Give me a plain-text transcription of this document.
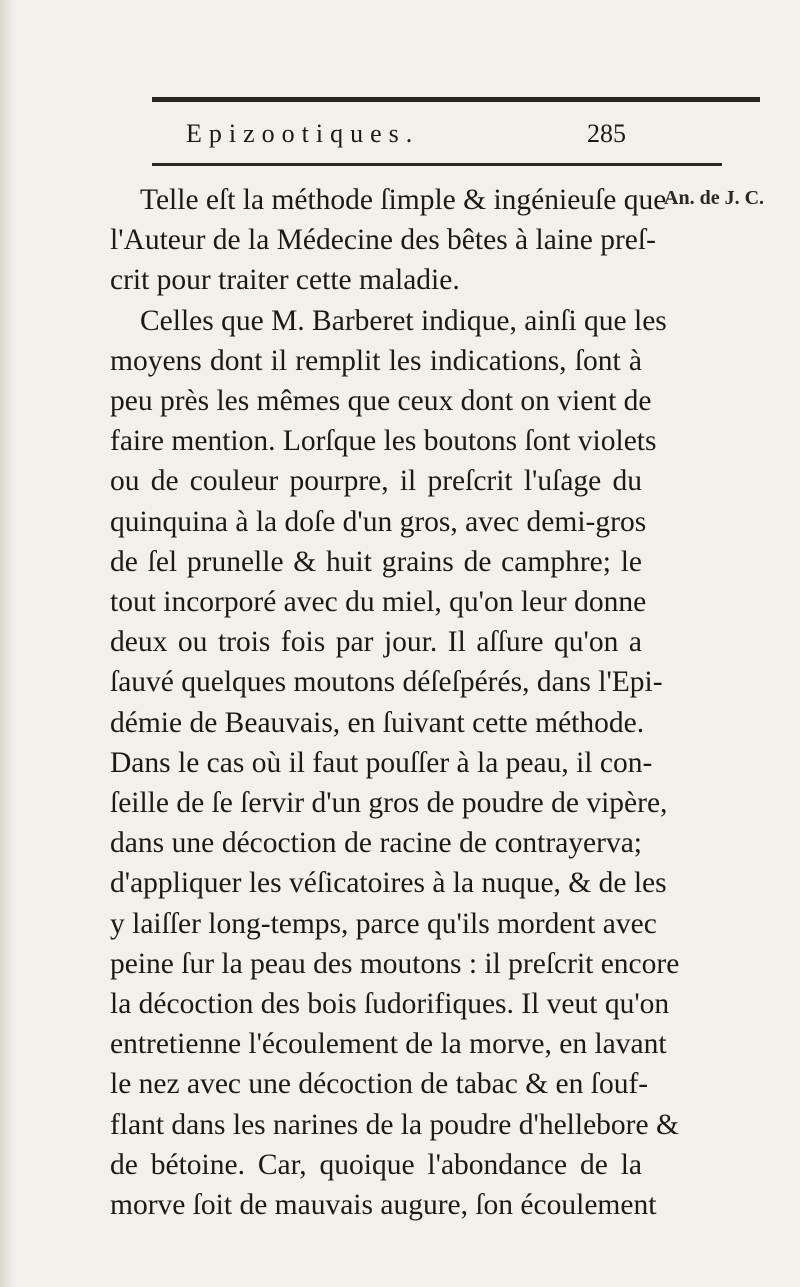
Epizootiques.	285
An. de J. C.
Telle eſt la méthode ſimple & ingénieuſe que
l'Auteur de la Médecine des bêtes à laine preſ-
crit pour traiter cette maladie.
Celles que M. Barberet indique, ainſi que les
moyens dont il remplit les indications, ſont à
peu près les mêmes que ceux dont on vient de
faire mention. Lorſque les boutons ſont violets
ou de couleur pourpre, il preſcrit l'uſage du
quinquina à la doſe d'un gros, avec demi-gros
de ſel prunelle & huit grains de camphre; le
tout incorporé avec du miel, qu'on leur donne
deux ou trois fois par jour. Il aſſure qu'on a
ſauvé quelques moutons déſeſpérés, dans l'Epi-
démie de Beauvais, en ſuivant cette méthode.
Dans le cas où il faut pouſſer à la peau, il con-
ſeille de ſe ſervir d'un gros de poudre de vipère,
dans une décoction de racine de contrayerva;
d'appliquer les véſicatoires à la nuque, & de les
y laiſſer long-temps, parce qu'ils mordent avec
peine ſur la peau des moutons : il preſcrit encore
la décoction des bois ſudorifiques. Il veut qu'on
entretienne l'écoulement de la morve, en lavant
le nez avec une décoction de tabac & en ſouf-
flant dans les narines de la poudre d'hellebore &
de bétoine. Car, quoique l'abondance de la
morve ſoit de mauvais augure, ſon écoulement
